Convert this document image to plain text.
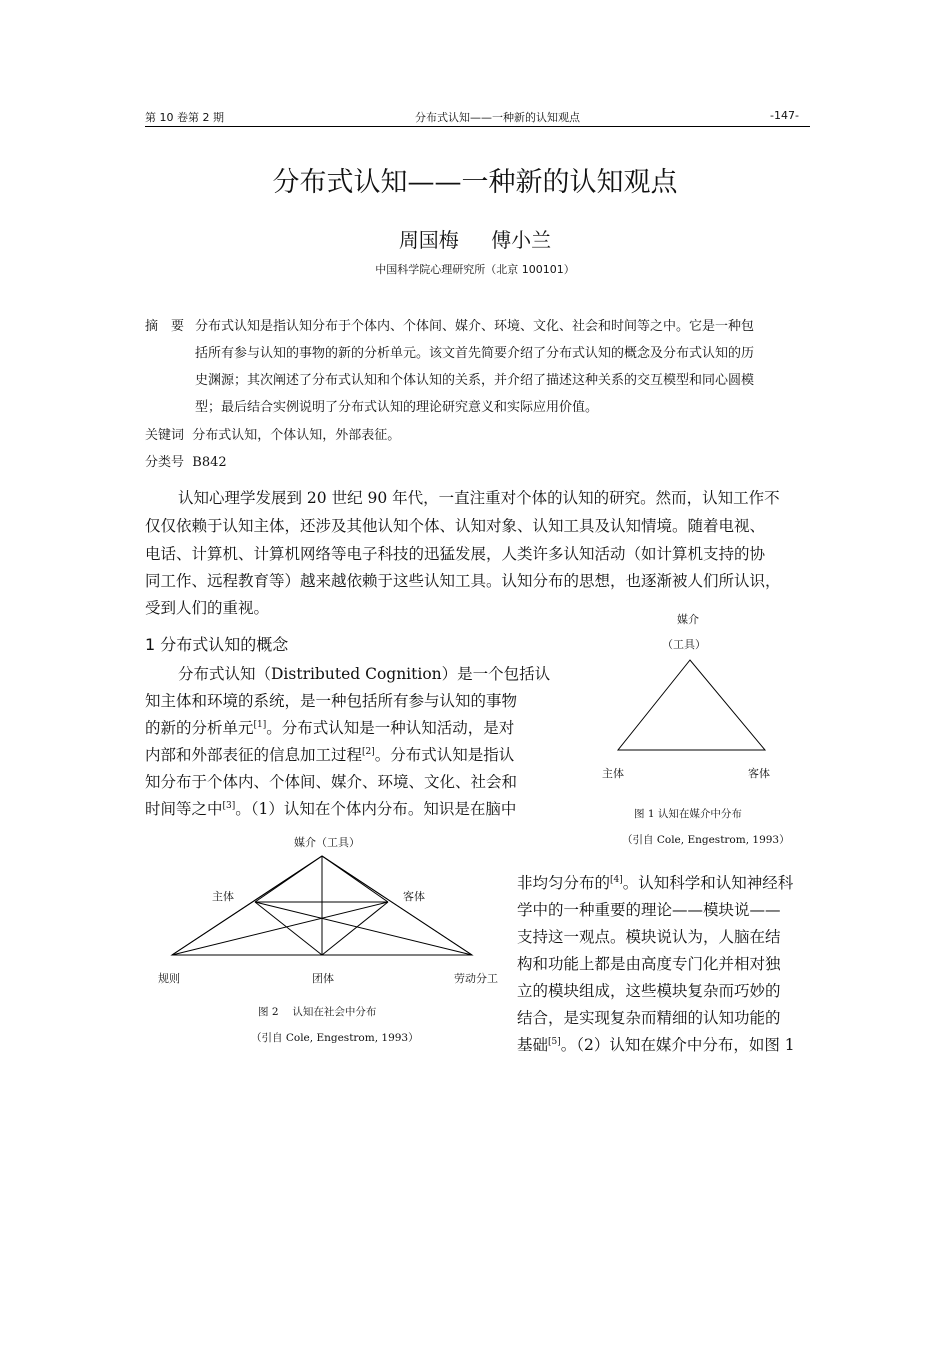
第 10 卷第 2 期	分布式认知——一种新的认知观点	-147-
分布式认知——一种新的认知观点
周国梅　 傅小兰
中国科学院心理研究所（北京 100101）
摘　要 分布式认知是指认知分布于个体内、个体间、媒介、环境、文化、社会和时间等之中。它是一种包
括所有参与认知的事物的新的分析单元。该文首先简要介绍了分布式认知的概念及分布式认知的历
史渊源；其次阐述了分布式认知和个体认知的关系，并介绍了描述这种关系的交互模型和同心圆模
型；最后结合实例说明了分布式认知的理论研究意义和实际应用价值。
关键词 分布式认知，个体认知，外部表征。
分类号 B842
认知心理学发展到 20 世纪 90 年代，一直注重对个体的认知的研究。然而，认知工作不
仅仅依赖于认知主体，还涉及其他认知个体、认知对象、认知工具及认知情境。随着电视、
电话、计算机、计算机网络等电子科技的迅猛发展，人类许多认知活动（如计算机支持的协
同工作、远程教育等）越来越依赖于这些认知工具。认知分布的思想，也逐渐被人们所认识，
受到人们的重视。
1 分布式认知的概念
分布式认知（Distributed Cognition）是一个包括认
知主体和环境的系统，是一种包括所有参与认知的事物
的新的分析单元[1]。分布式认知是一种认知活动，是对
内部和外部表征的信息加工过程[2]。分布式认知是指认
知分布于个体内、个体间、媒介、环境、文化、社会和
时间等之中[3]。（1）认知在个体内分布。知识是在脑中
媒介
（工具）
主体	客体
图 1 认知在媒介中分布
（引自 Cole, Engestrom, 1993）
媒介（工具）
主体	客体
规则	团体	劳动分工
图 2　 认知在社会中分布
（引自 Cole, Engestrom, 1993）
非均匀分布的[4]。认知科学和认知神经科
学中的一种重要的理论——模块说——
支持这一观点。模块说认为，人脑在结
构和功能上都是由高度专门化并相对独
立的模块组成，这些模块复杂而巧妙的
结合，是实现复杂而精细的认知功能的
基础[5]。（2）认知在媒介中分布，如图 1
